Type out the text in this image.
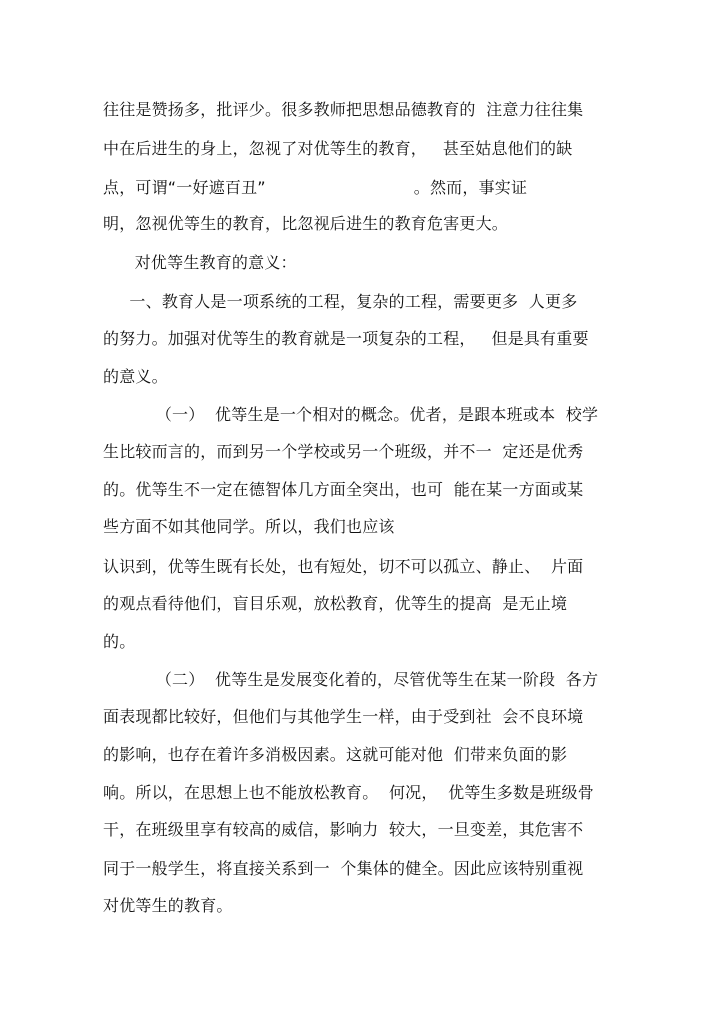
往往是赞扬多，批评少。很多教师把思想品德教育的  注意力往往集
中在后进生的身上，忽视了对优等生的教育，   甚至姑息他们的缺
点，可谓“一好遮百丑”                            。然而，事实证
明，忽视优等生的教育，比忽视后进生的教育危害更大。
对优等生教育的意义：
一、教育人是一项系统的工程，复杂的工程，需要更多  人更多
的努力。加强对优等生的教育就是一项复杂的工程，   但是具有重要
的意义。
（一）  优等生是一个相对的概念。优者，是跟本班或本  校学
生比较而言的，而到另一个学校或另一个班级，并不一  定还是优秀
的。优等生不一定在德智体几方面全突出，也可  能在某一方面或某
些方面不如其他同学。所以，我们也应该
认识到，优等生既有长处，也有短处，切不可以孤立、静止、  片面
的观点看待他们，盲目乐观，放松教育，优等生的提高  是无止境
的。
（二）  优等生是发展变化着的，尽管优等生在某一阶段  各方
面表现都比较好，但他们与其他学生一样，由于受到社  会不良环境
的影响，也存在着许多消极因素。这就可能对他  们带来负面的影
响。所以，在思想上也不能放松教育。  何况，  优等生多数是班级骨
干，在班级里享有较高的威信，影响力  较大，一旦变差，其危害不
同于一般学生，将直接关系到一  个集体的健全。因此应该特别重视
对优等生的教育。
